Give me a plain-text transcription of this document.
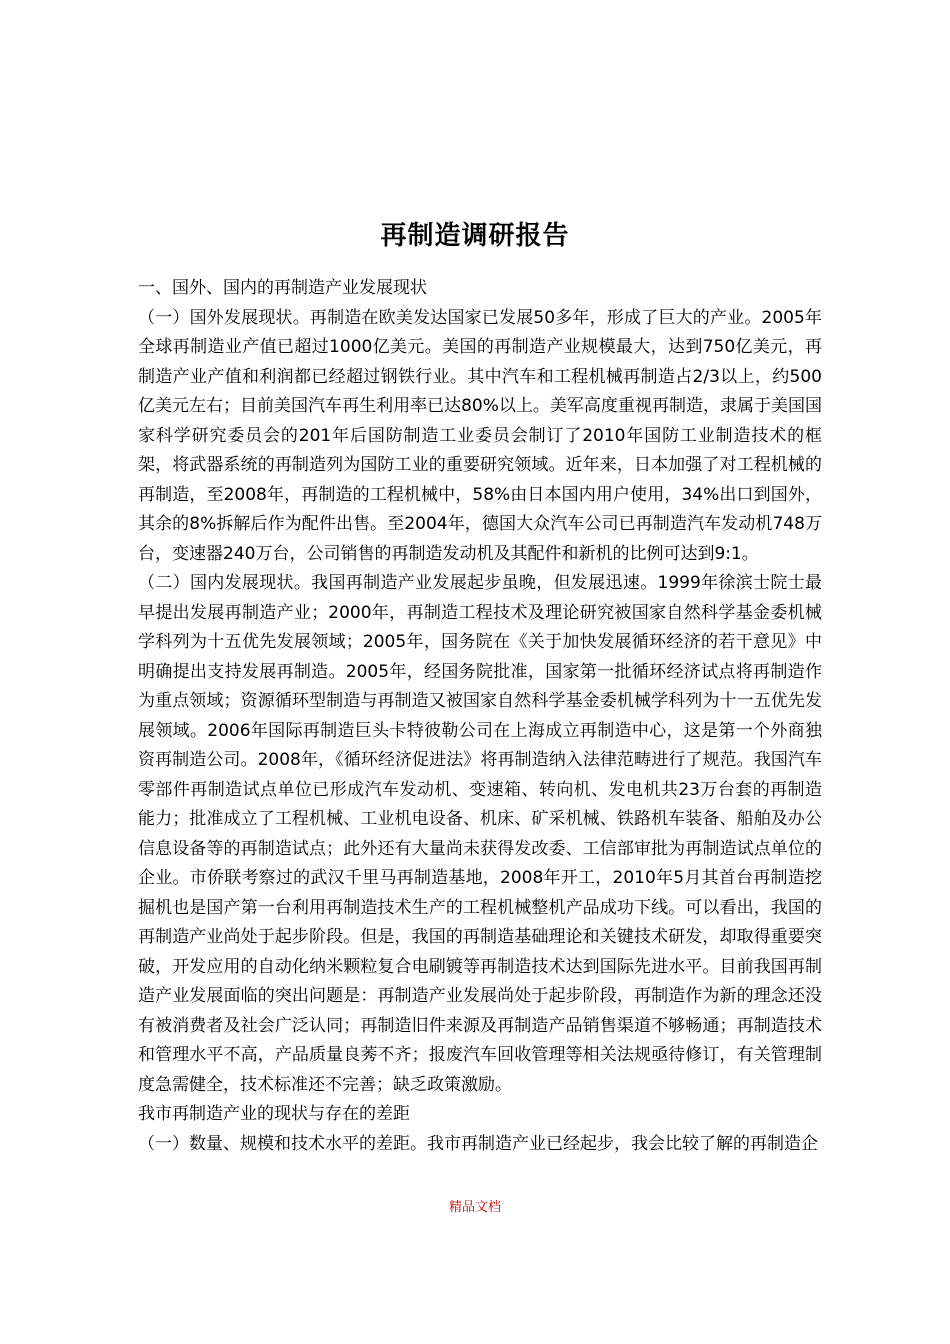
再制造调研报告

一、国外、国内的再制造产业发展现状

（一）国外发展现状。再制造在欧美发达国家已发展50多年，形成了巨大的产业。2005年全球再制造业产值已超过1000亿美元。美国的再制造产业规模最大，达到750亿美元，再制造产业产值和利润都已经超过钢铁行业。其中汽车和工程机械再制造占2/3以上，约500亿美元左右；目前美国汽车再生利用率已达80%以上。美军高度重视再制造，隶属于美国国家科学研究委员会的201年后国防制造工业委员会制订了2010年国防工业制造技术的框架，将武器系统的再制造列为国防工业的重要研究领域。近年来，日本加强了对工程机械的再制造，至2008年，再制造的工程机械中，58%由日本国内用户使用，34%出口到国外，其余的8%拆解后作为配件出售。至2004年，德国大众汽车公司已再制造汽车发动机748万台，变速器240万台，公司销售的再制造发动机及其配件和新机的比例可达到9:1。

（二）国内发展现状。我国再制造产业发展起步虽晚，但发展迅速。1999年徐滨士院士最早提出发展再制造产业；2000年，再制造工程技术及理论研究被国家自然科学基金委机械学科列为十五优先发展领域；2005年，国务院在《关于加快发展循环经济的若干意见》中明确提出支持发展再制造。2005年，经国务院批准，国家第一批循环经济试点将再制造作为重点领域；资源循环型制造与再制造又被国家自然科学基金委机械学科列为十一五优先发展领域。2006年国际再制造巨头卡特彼勒公司在上海成立再制造中心，这是第一个外商独资再制造公司。2008年，《循环经济促进法》将再制造纳入法律范畴进行了规范。我国汽车零部件再制造试点单位已形成汽车发动机、变速箱、转向机、发电机共23万台套的再制造能力；批准成立了工程机械、工业机电设备、机床、矿采机械、铁路机车装备、船舶及办公信息设备等的再制造试点；此外还有大量尚未获得发改委、工信部审批为再制造试点单位的企业。市侨联考察过的武汉千里马再制造基地，2008年开工，2010年5月其首台再制造挖掘机也是国产第一台利用再制造技术生产的工程机械整机产品成功下线。可以看出，我国的再制造产业尚处于起步阶段。但是，我国的再制造基础理论和关键技术研发，却取得重要突破，开发应用的自动化纳米颗粒复合电刷镀等再制造技术达到国际先进水平。目前我国再制造产业发展面临的突出问题是：再制造产业发展尚处于起步阶段，再制造作为新的理念还没有被消费者及社会广泛认同；再制造旧件来源及再制造产品销售渠道不够畅通；再制造技术和管理水平不高，产品质量良莠不齐；报废汽车回收管理等相关法规亟待修订，有关管理制度急需健全，技术标准还不完善；缺乏政策激励。

我市再制造产业的现状与存在的差距

（一）数量、规模和技术水平的差距。我市再制造产业已经起步，我会比较了解的再制造企

精品文档
